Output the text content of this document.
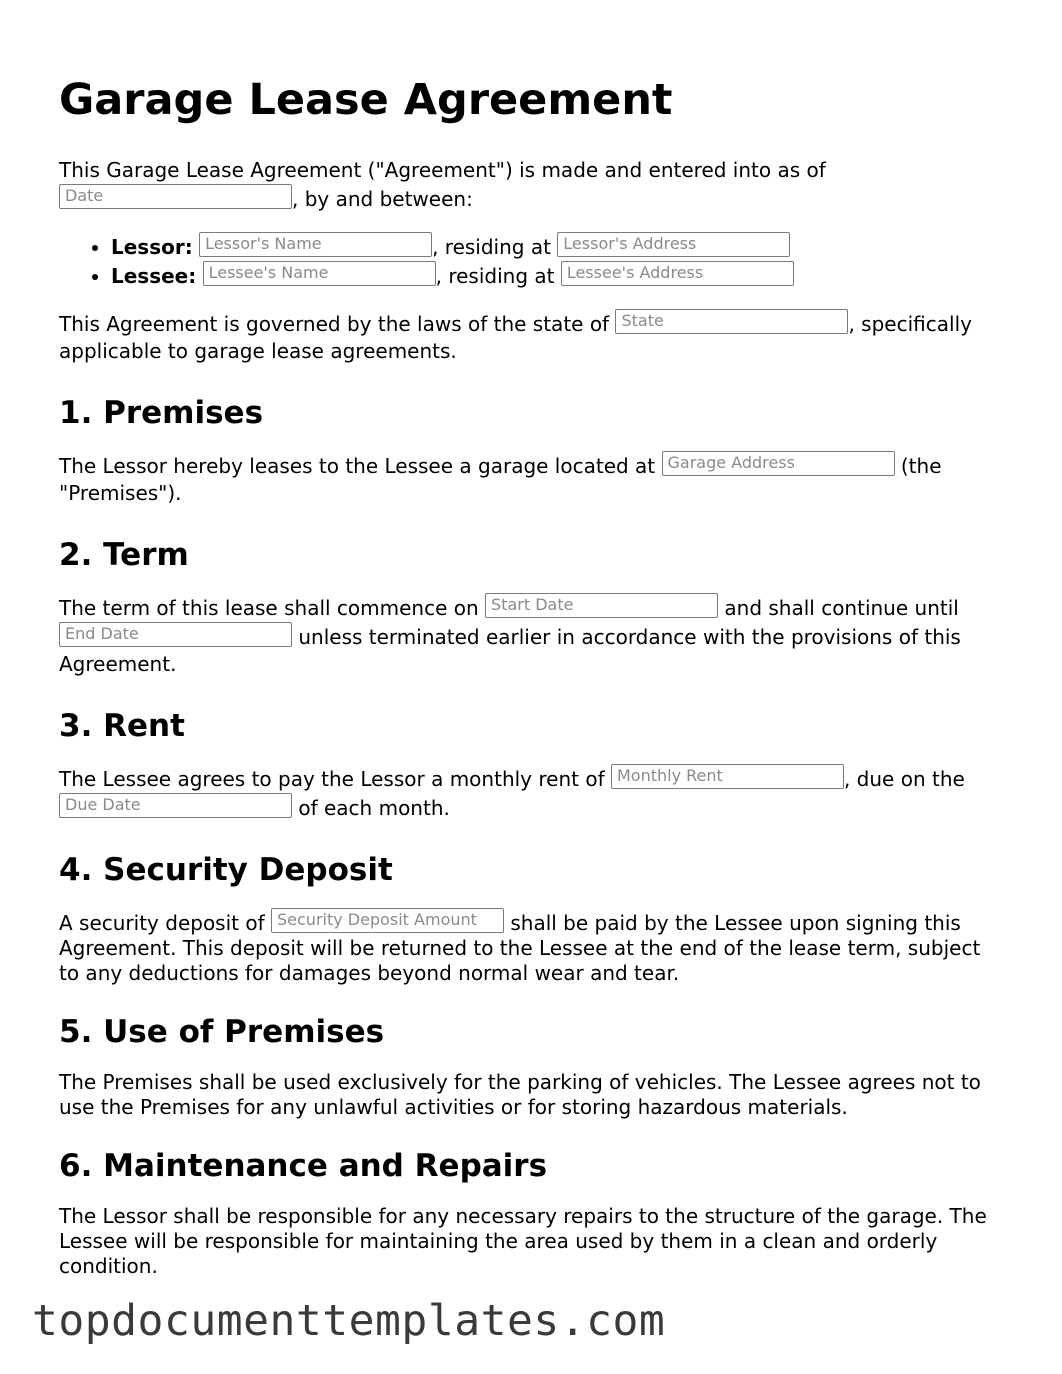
Garage Lease Agreement

This Garage Lease Agreement ("Agreement") is made and entered into as of
Date, by and between:

• Lessor: Lessor's Name	, residing at Lessor's Address
• Lessee: Lessee's Name	, residing at Lessee's Address

This Agreement is governed by the laws of the state of State	, specifically applicable to garage lease agreements.

1. Premises

The Lessor hereby leases to the Lessee a garage located at Garage Address	(the "Premises").

2. Term

The term of this lease shall commence on Start Date	and shall continue until
End Date unless terminated earlier in accordance with the provisions of this Agreement.

3. Rent

The Lessee agrees to pay the Lessor a monthly rent of Monthly Rent	, due on the
Due Date of each month.

4. Security Deposit

A security deposit of Security Deposit Amount	shall be paid by the Lessee upon signing this Agreement. This deposit will be returned to the Lessee at the end of the lease term, subject to any deductions for damages beyond normal wear and tear.

5. Use of Premises

The Premises shall be used exclusively for the parking of vehicles. The Lessee agrees not to use the Premises for any unlawful activities or for storing hazardous materials.

6. Maintenance and Repairs

The Lessor shall be responsible for any necessary repairs to the structure of the garage. The Lessee will be responsible for maintaining the area used by them in a clean and orderly condition.

topdocumenttemplates.com
